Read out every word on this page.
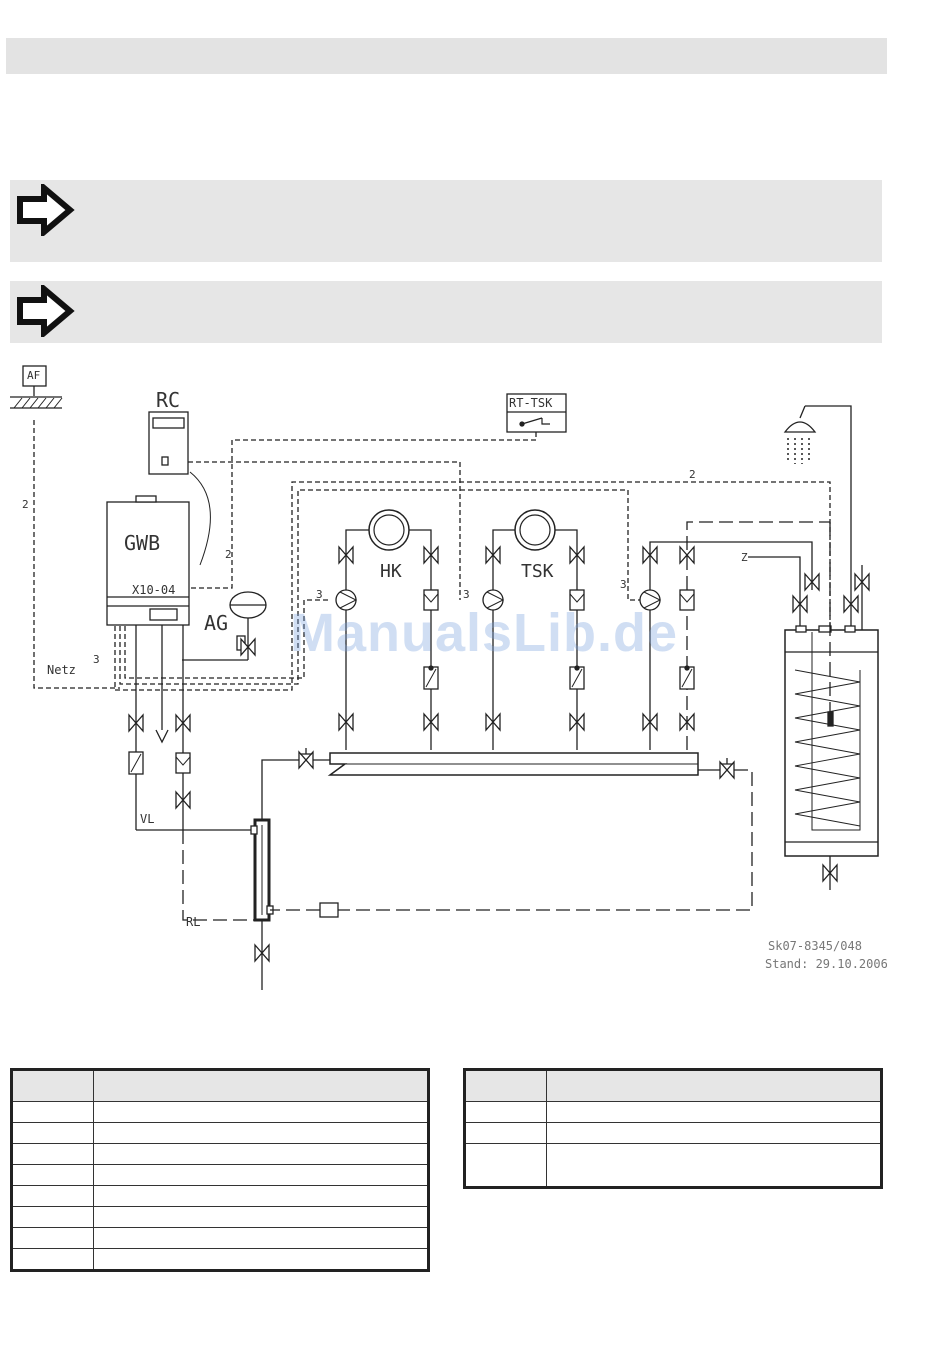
AF
RC	RT-TSK
GWB
X10-04
AG
HK	TSK
Netz
VL
RL
Z
2
2
2
3
3	3
3
Sk07-8345/048
Stand: 29.10.2006
ManualsLib.de
